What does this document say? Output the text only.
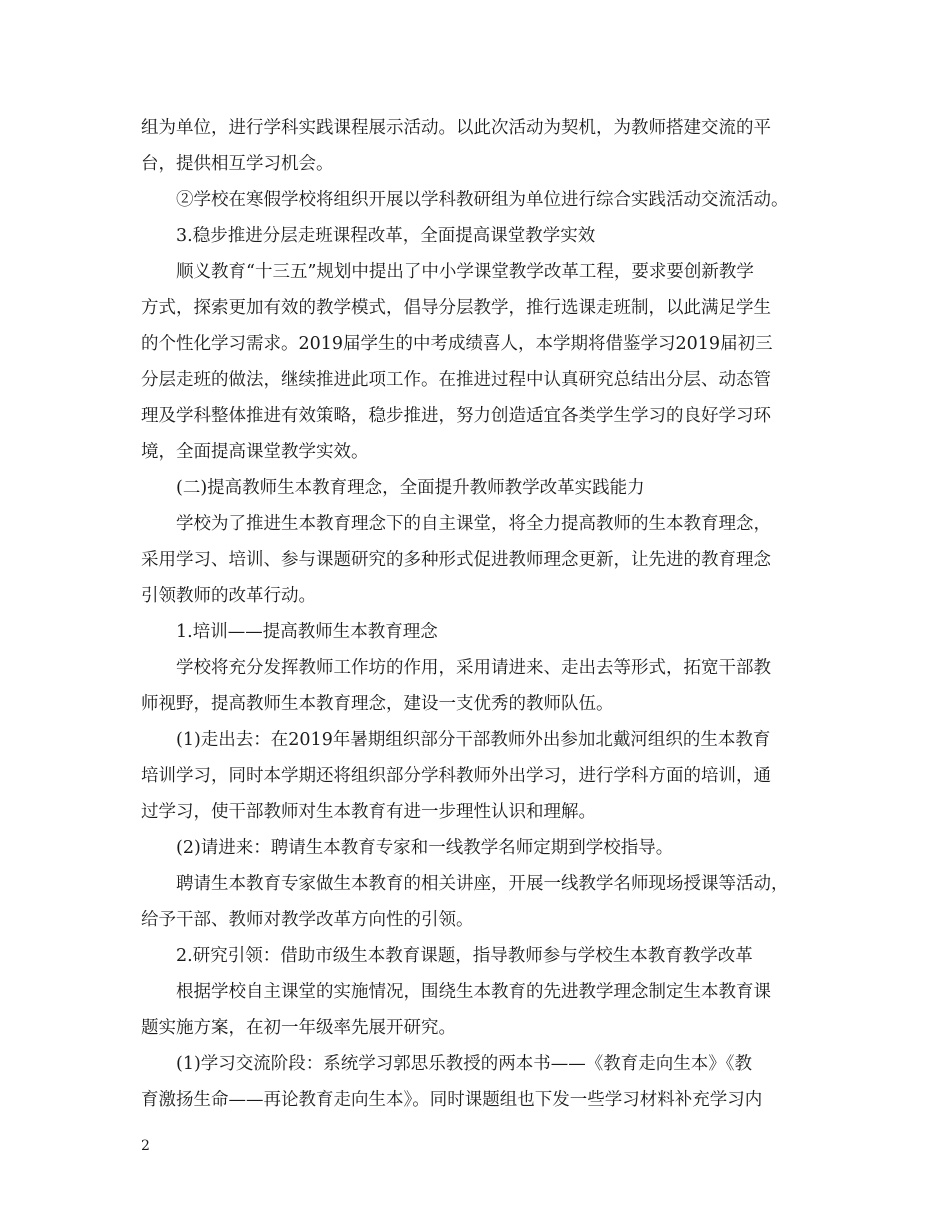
组为单位，进行学科实践课程展示活动。以此次活动为契机，为教师搭建交流的平
台，提供相互学习机会。
②学校在寒假学校将组织开展以学科教研组为单位进行综合实践活动交流活动。
3.稳步推进分层走班课程改革，全面提高课堂教学实效
顺义教育“十三五”规划中提出了中小学课堂教学改革工程，要求要创新教学
方式，探索更加有效的教学模式，倡导分层教学，推行选课走班制，以此满足学生
的个性化学习需求。2019届学生的中考成绩喜人，本学期将借鉴学习2019届初三
分层走班的做法，继续推进此项工作。在推进过程中认真研究总结出分层、动态管
理及学科整体推进有效策略，稳步推进，努力创造适宜各类学生学习的良好学习环
境，全面提高课堂教学实效。
(二)提高教师生本教育理念，全面提升教师教学改革实践能力
学校为了推进生本教育理念下的自主课堂，将全力提高教师的生本教育理念，
采用学习、培训、参与课题研究的多种形式促进教师理念更新，让先进的教育理念
引领教师的改革行动。
1.培训——提高教师生本教育理念
学校将充分发挥教师工作坊的作用，采用请进来、走出去等形式，拓宽干部教
师视野，提高教师生本教育理念，建设一支优秀的教师队伍。
(1)走出去：在2019年暑期组织部分干部教师外出参加北戴河组织的生本教育
培训学习，同时本学期还将组织部分学科教师外出学习，进行学科方面的培训，通
过学习，使干部教师对生本教育有进一步理性认识和理解。
(2)请进来：聘请生本教育专家和一线教学名师定期到学校指导。
聘请生本教育专家做生本教育的相关讲座，开展一线教学名师现场授课等活动，
给予干部、教师对教学改革方向性的引领。
2.研究引领：借助市级生本教育课题，指导教师参与学校生本教育教学改革
根据学校自主课堂的实施情况，围绕生本教育的先进教学理念制定生本教育课
题实施方案，在初一年级率先展开研究。
(1)学习交流阶段：系统学习郭思乐教授的两本书——《教育走向生本》《教
育激扬生命——再论教育走向生本》。同时课题组也下发一些学习材料补充学习内
2
